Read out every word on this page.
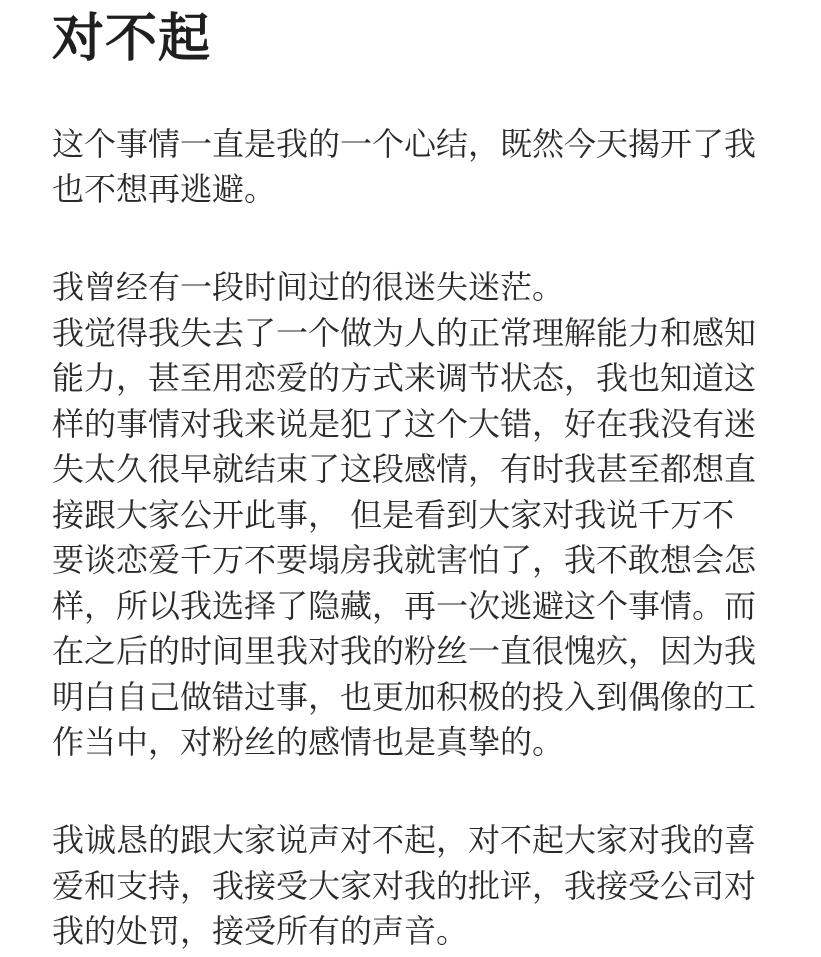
对不起

这个事情一直是我的一个心结，既然今天揭开了我

也不想再逃避。

我曾经有一段时间过的很迷失迷茫。

我觉得我失去了一个做为人的正常理解能力和感知

能力，甚至用恋爱的方式来调节状态，我也知道这

样的事情对我来说是犯了这个大错，好在我没有迷

失太久很早就结束了这段感情，有时我甚至都想直

接跟大家公开此事， 但是看到大家对我说千万不

要谈恋爱千万不要塌房我就害怕了，我不敢想会怎

样，所以我选择了隐藏，再一次逃避这个事情。而

在之后的时间里我对我的粉丝一直很愧疚，因为我

明白自己做错过事，也更加积极的投入到偶像的工

作当中，对粉丝的感情也是真挚的。

我诚恳的跟大家说声对不起，对不起大家对我的喜

爱和支持，我接受大家对我的批评，我接受公司对

我的处罚，接受所有的声音。
